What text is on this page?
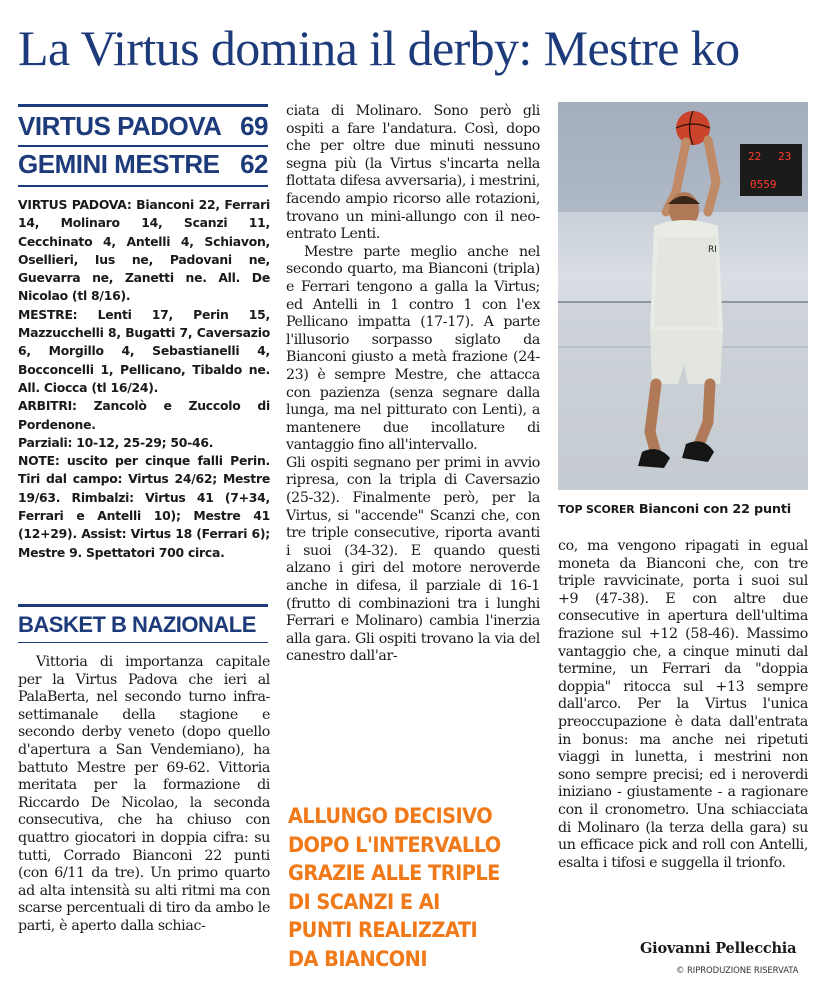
La Virtus domina il derby: Mestre ko
VIRTUS PADOVA 69
GEMINI MESTRE 62

VIRTUS PADOVA: Bianconi 22, Ferrari 14, Molinaro 14, Scanzi 11, Cecchinato 4, Antelli 4, Schiavon, Osellieri, Ius ne, Padovani ne, Guevarra ne, Zanetti ne. All. De Nicolao (tl 8/16).

MESTRE: Lenti 17, Perin 15, Mazzucchelli 8, Bugatti 7, Caversazio 6, Morgillo 4, Sebastianelli 4, Bocconcelli 1, Pellicano, Tibaldo ne. All. Ciocca (tl 16/24).

ARBITRI: Zancolò e Zuccolo di Pordenone.

Parziali: 10-12, 25-29; 50-46.

NOTE: uscito per cinque falli Perin. Tiri dal campo: Virtus 24/62; Mestre 19/63. Rimbalzi: Virtus 41 (7+34, Ferrari e Antelli 10); Mestre 41 (12+29). Assist: Virtus 18 (Ferrari 6); Mestre 9. Spettatori 700 circa.

BASKET B NAZIONALE

Vittoria di importanza capitale per la Virtus Padova che ieri al PalaBerta, nel secondo turno infra-settimanale della stagione e secondo derby veneto (dopo quello d'apertura a San Vendemiano), ha battuto Mestre per 69-62. Vittoria meritata per la formazione di Riccardo De Nicolao, la seconda consecutiva, che ha chiuso con quattro giocatori in doppia cifra: su tutti, Corrado Bianconi 22 punti (con 6/11 da tre). Un primo quarto ad alta intensità su alti ritmi ma con scarse percentuali di tiro da ambo le parti, è aperto dalla schiac-

ciata di Molinaro. Sono però gli ospiti a fare l'andatura. Così, dopo che per oltre due minuti nessuno segna più (la Virtus s'incarta nella flottata difesa avversaria), i mestrini, facendo ampio ricorso alle rotazioni, trovano un mini-allungo con il neo-entrato Lenti.

Mestre parte meglio anche nel secondo quarto, ma Bianconi (tripla) e Ferrari tengono a galla la Virtus; ed Antelli in 1 contro 1 con l'ex Pellicano impatta (17-17). A parte l'illusorio sorpasso siglato da Bianconi giusto a metà frazione (24-23) è sempre Mestre, che attacca con pazienza (senza segnare dalla lunga, ma nel pitturato con Lenti), a mantenere due incollature di vantaggio fino all'intervallo.

Gli ospiti segnano per primi in avvio ripresa, con la tripla di Caversazio (25-32). Finalmente però, per la Virtus, si "accende" Scanzi che, con tre triple consecutive, riporta avanti i suoi (34-32). E quando questi alzano i giri del motore neroverde anche in difesa, il parziale di 16-1 (frutto di combinazioni tra i lunghi Ferrari e Molinaro) cambia l'inerzia alla gara. Gli ospiti trovano la via del canestro dall'ar-

22 23
0559
RI
TOP SCORER Bianconi con 22 punti

co, ma vengono ripagati in egual moneta da Bianconi che, con tre triple ravvicinate, porta i suoi sul +9 (47-38). E con altre due consecutive in apertura dell'ultima frazione sul +12 (58-46). Massimo vantaggio che, a cinque minuti dal termine, un Ferrari da "doppia doppia" ritocca sul +13 sempre dall'arco. Per la Virtus l'unica preoccupazione è data dall'entrata in bonus: ma anche nei ripetuti viaggi in lunetta, i mestrini non sono sempre precisi; ed i neroverdi iniziano - giustamente - a ragionare con il cronometro. Una schiacciata di Molinaro (la terza della gara) su un efficace pick and roll con Antelli, esalta i tifosi e suggella il trionfo.

ALLUNGO DECISIVO DOPO L'INTERVALLO GRAZIE ALLE TRIPLE DI SCANZI E AI PUNTI REALIZZATI DA BIANCONI	Giovanni Pellecchia
© RIPRODUZIONE RISERVATA
